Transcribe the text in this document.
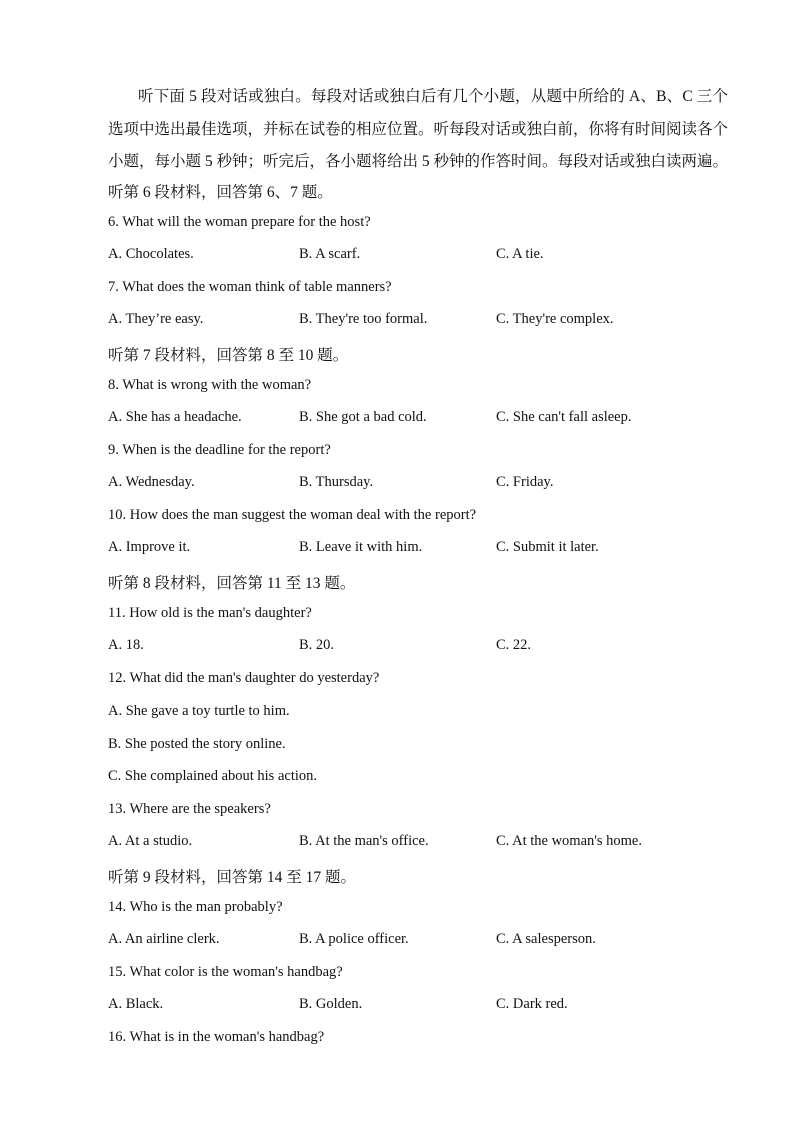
听下面 5 段对话或独白。每段对话或独白后有几个小题，从题中所给的 A、B、C 三个选项中选出最佳选项，并标在试卷的相应位置。听每段对话或独白前，你将有时间阅读各个小题，每小题 5 秒钟；听完后，各小题将给出 5 秒钟的作答时间。每段对话或独白读两遍。

听第 6 段材料，回答第 6、7 题。
6. What will the woman prepare for the host?
A. Chocolates.	B. A scarf.	C. A tie.
7. What does the woman think of table manners?
A. They’re easy.	B. They're too formal.	C. They're complex.
听第 7 段材料，回答第 8 至 10 题。
8. What is wrong with the woman?
A. She has a headache.	B. She got a bad cold.	C. She can't fall asleep.
9. When is the deadline for the report?
A. Wednesday.	B. Thursday.	C. Friday.
10. How does the man suggest the woman deal with the report?
A. Improve it.	B. Leave it with him.	C. Submit it later.
听第 8 段材料，回答第 11 至 13 题。
11. How old is the man's daughter?
A. 18.	B. 20.	C. 22.
12. What did the man's daughter do yesterday?
A. She gave a toy turtle to him.
B. She posted the story online.
C. She complained about his action.
13. Where are the speakers?
A. At a studio.	B. At the man's office.	C. At the woman's home.
听第 9 段材料，回答第 14 至 17 题。
14. Who is the man probably?
A. An airline clerk.	B. A police officer.	C. A salesperson.
15. What color is the woman's handbag?
A. Black.	B. Golden.	C. Dark red.
16. What is in the woman's handbag?
